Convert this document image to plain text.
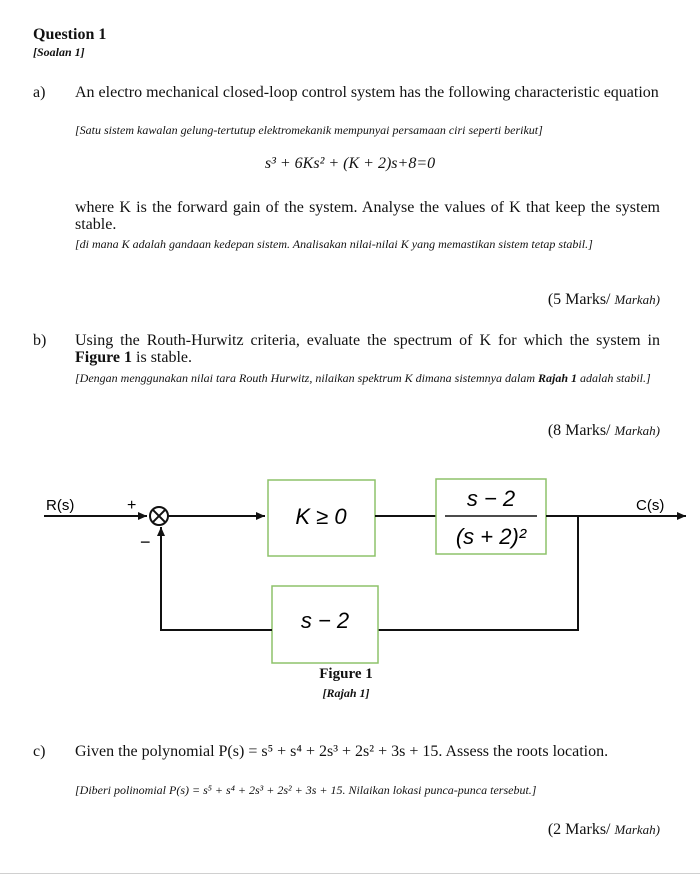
Question 1
[Soalan 1]
a) An electro mechanical closed-loop control system has the following characteristic equation
[Satu sistem kawalan gelung-tertutup elektromekanik mempunyai persamaan ciri seperti berikut]
s³ + 6Ks² + (K + 2)s+8=0
where K is the forward gain of the system. Analyse the values of K that keep the system stable.
[di mana K adalah gandaan kedepan sistem. Analisakan nilai-nilai K yang memastikan sistem tetap stabil.]
(5 Marks/ Markah)
b) Using the Routh-Hurwitz criteria, evaluate the spectrum of K for which the system in Figure 1 is stable.
[Dengan menggunakan nilai tara Routh Hurwitz, nilaikan spektrum K dimana sistemnya dalam Rajah 1 adalah stabil.]
(8 Marks/ Markah)
R(s)	+
−
K ≥ 0
s − 2
(s + 2)²
C(s)
s − 2
Figure 1
[Rajah 1]
c) Given the polynomial P(s) = s⁵ + s⁴ + 2s³ + 2s² + 3s + 15. Assess the roots location.
[Diberi polinomial P(s) = s⁵ + s⁴ + 2s³ + 2s² + 3s + 15. Nilaikan lokasi punca-punca tersebut.]
(2 Marks/ Markah)
